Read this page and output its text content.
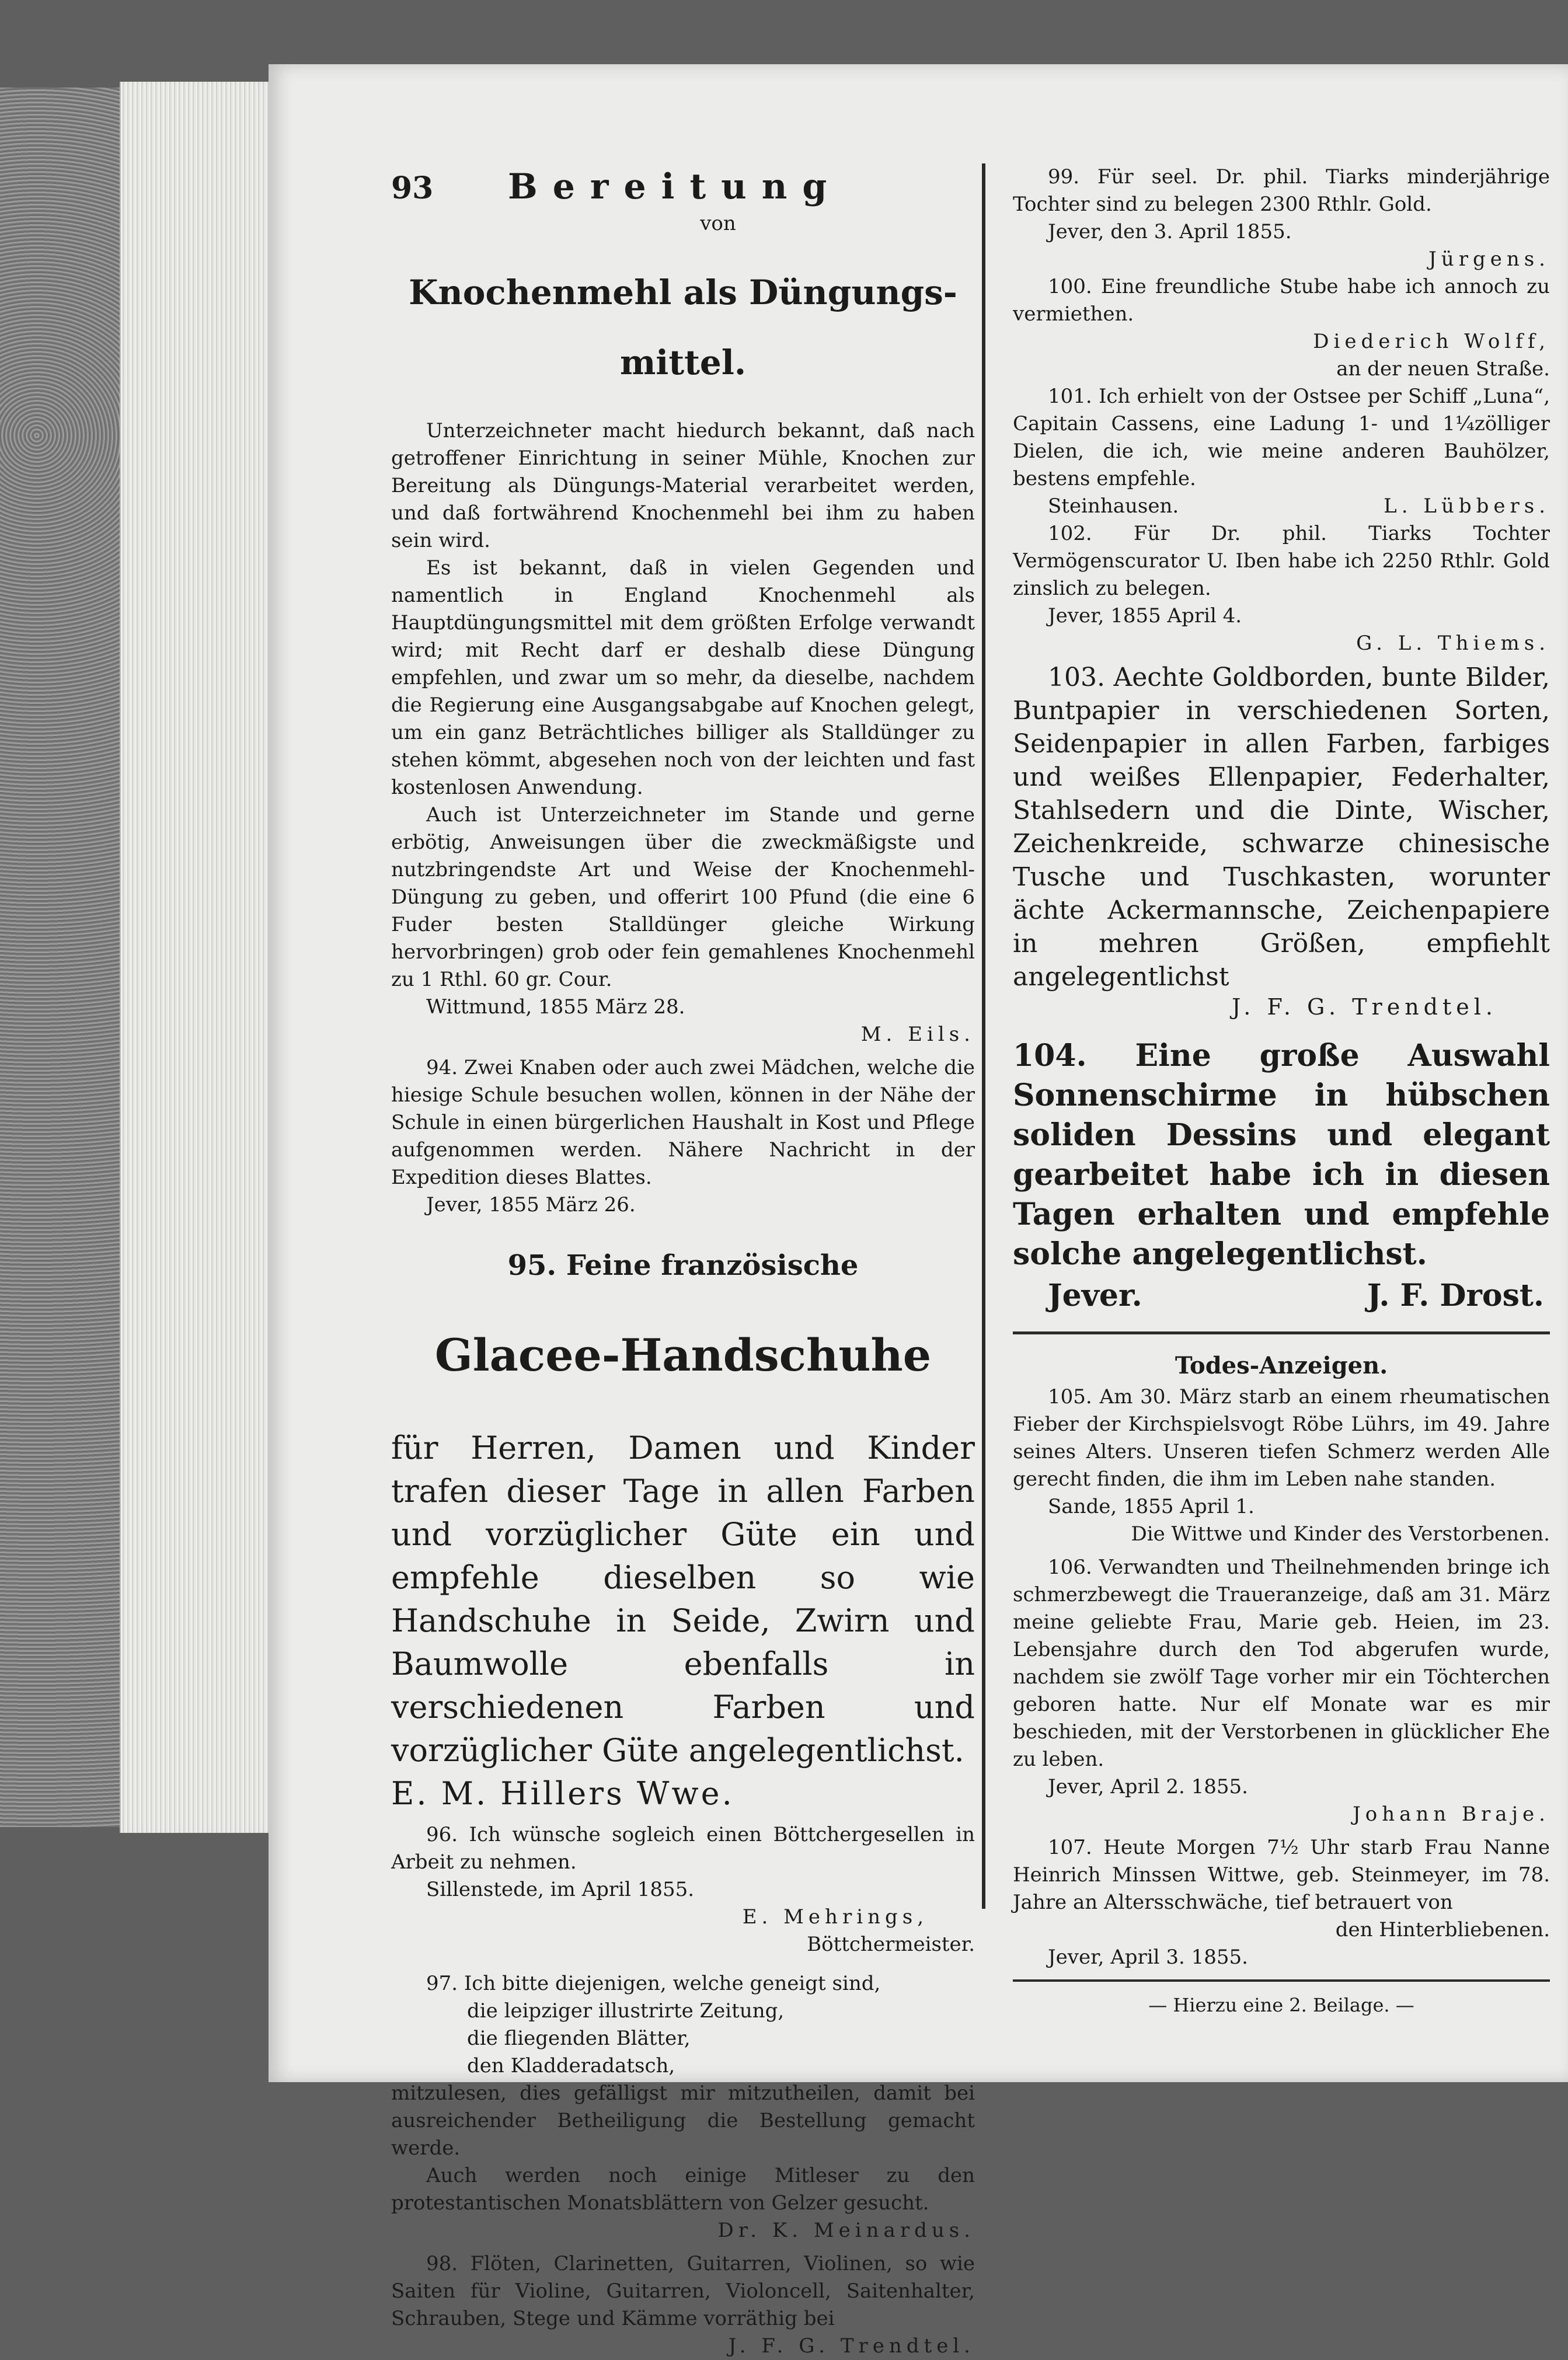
93	Bereitung

von

Knochenmehl als Düngungs-

mittel.

Unterzeichneter macht hiedurch bekannt, daß nach getroffener Einrichtung in seiner Mühle, Knochen zur Bereitung als Düngungs-Material verarbeitet werden, und daß fortwährend Knochenmehl bei ihm zu haben sein wird.

Es ist bekannt, daß in vielen Gegenden und namentlich in England Knochenmehl als Hauptdüngungsmittel mit dem größten Erfolge verwandt wird; mit Recht darf er deshalb diese Düngung empfehlen, und zwar um so mehr, da dieselbe, nachdem die Regierung eine Ausgangsabgabe auf Knochen gelegt, um ein ganz Beträchtliches billiger als Stalldünger zu stehen kömmt, abgesehen noch von der leichten und fast kostenlosen Anwendung.

Auch ist Unterzeichneter im Stande und gerne erbötig, Anweisungen über die zweckmäßigste und nutzbringendste Art und Weise der Knochenmehl-Düngung zu geben, und offerirt 100 Pfund (die eine 6 Fuder besten Stalldünger gleiche Wirkung hervorbringen) grob oder fein gemahlenes Knochenmehl zu 1 Rthl. 60 gr. Cour.

Wittmund, 1855 März 28.

M. Eils.

94. Zwei Knaben oder auch zwei Mädchen, welche die hiesige Schule besuchen wollen, können in der Nähe der Schule in einen bürgerlichen Haushalt in Kost und Pflege aufgenommen werden. Nähere Nachricht in der Expedition dieses Blattes.

Jever, 1855 März 26.

95. Feine französische

Glacee-Handschuhe

für Herren, Damen und Kinder trafen dieser Tage in allen Farben und vorzüglicher Güte ein und empfehle dieselben so wie Handschuhe in Seide, Zwirn und Baumwolle ebenfalls in verschiedenen Farben und vorzüglicher Güte angelegentlichst.

E. M. Hillers Wwe.

96. Ich wünsche sogleich einen Böttchergesellen in Arbeit zu nehmen.

Sillenstede, im April 1855.

E. Mehrings,

Böttchermeister.

97. Ich bitte diejenigen, welche geneigt sind,

die leipziger illustrirte Zeitung,

die fliegenden Blätter,

den Kladderadatsch,

mitzulesen, dies gefälligst mir mitzutheilen, damit bei ausreichender Betheiligung die Bestellung gemacht werde.

Auch werden noch einige Mitleser zu den protestantischen Monatsblättern von Gelzer gesucht.

Dr. K. Meinardus.

98. Flöten, Clarinetten, Guitarren, Violinen, so wie Saiten für Violine, Guitarren, Violoncell, Saitenhalter, Schrauben, Stege und Kämme vorräthig bei

J. F. G. Trendtel.

99. Für seel. Dr. phil. Tiarks minderjährige Tochter sind zu belegen 2300 Rthlr. Gold.

Jever, den 3. April 1855.

Jürgens.

100. Eine freundliche Stube habe ich annoch zu vermiethen.

Diederich Wolff,

an der neuen Straße.

101. Ich erhielt von der Ostsee per Schiff „Luna“, Capitain Cassens, eine Ladung 1- und 1¼zölliger Dielen, die ich, wie meine anderen Bauhölzer, bestens empfehle.

Steinhausen.	L. Lübbers.

102. Für Dr. phil. Tiarks Tochter Vermögenscurator U. Iben habe ich 2250 Rthlr. Gold zinslich zu belegen.

Jever, 1855 April 4.

G. L. Thiems.

103. Aechte Goldborden, bunte Bilder, Buntpapier in verschiedenen Sorten, Seidenpapier in allen Farben, farbiges und weißes Ellenpapier, Federhalter, Stahlsedern und die Dinte, Wischer, Zeichenkreide, schwarze chinesische Tusche und Tuschkasten, worunter ächte Ackermannsche, Zeichenpapiere in mehren Größen, empfiehlt angelegentlichst

J. F. G. Trendtel.

104. Eine große Auswahl Sonnenschirme in hübschen soliden Dessins und elegant gearbeitet habe ich in diesen Tagen erhalten und empfehle solche angelegentlichst.

Jever.	J. F. Drost.

Todes-Anzeigen.

105. Am 30. März starb an einem rheumatischen Fieber der Kirchspielsvogt Röbe Lührs, im 49. Jahre seines Alters. Unseren tiefen Schmerz werden Alle gerecht finden, die ihm im Leben nahe standen.

Sande, 1855 April 1.

Die Wittwe und Kinder des Verstorbenen.

106. Verwandten und Theilnehmenden bringe ich schmerzbewegt die Traueranzeige, daß am 31. März meine geliebte Frau, Marie geb. Heien, im 23. Lebensjahre durch den Tod abgerufen wurde, nachdem sie zwölf Tage vorher mir ein Töchterchen geboren hatte. Nur elf Monate war es mir beschieden, mit der Verstorbenen in glücklicher Ehe zu leben.

Jever, April 2. 1855.

Johann Braje.

107. Heute Morgen 7½ Uhr starb Frau Nanne Heinrich Minssen Wittwe, geb. Steinmeyer, im 78. Jahre an Altersschwäche, tief betrauert von

den Hinterbliebenen.

Jever, April 3. 1855.

— Hierzu eine 2. Beilage. —
